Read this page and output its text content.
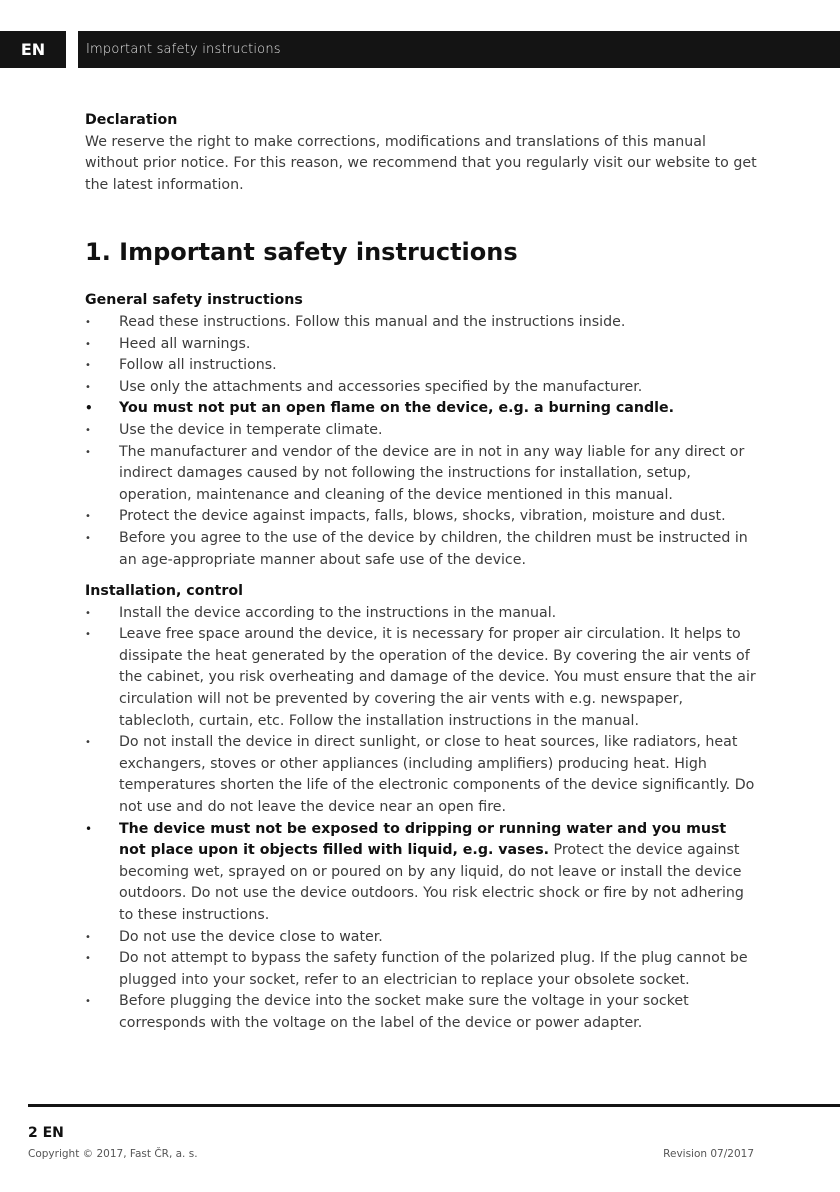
EN	Important safety instructions
Declaration

We reserve the right to make corrections, modifications and translations of this manual without prior notice. For this reason, we recommend that you regularly visit our website to get the latest information.

1. Important safety instructions
General safety instructions
• Read these instructions. Follow this manual and the instructions inside.
• Heed all warnings.
• Follow all instructions.
• Use only the attachments and accessories specified by the manufacturer.
• You must not put an open flame on the device, e.g. a burning candle.
• Use the device in temperate climate.
• The manufacturer and vendor of the device are in not in any way liable for any direct or indirect damages caused by not following the instructions for installation, setup, operation, maintenance and cleaning of the device mentioned in this manual.
• Protect the device against impacts, falls, blows, shocks, vibration, moisture and dust.
• Before you agree to the use of the device by children, the children must be instructed in an age-appropriate manner about safe use of the device.
Installation, control
• Install the device according to the instructions in the manual.
• Leave free space around the device, it is necessary for proper air circulation. It helps to dissipate the heat generated by the operation of the device. By covering the air vents of the cabinet, you risk overheating and damage of the device. You must ensure that the air circulation will not be prevented by covering the air vents with e.g. newspaper, tablecloth, curtain, etc. Follow the installation instructions in the manual.
• Do not install the device in direct sunlight, or close to heat sources, like radiators, heat exchangers, stoves or other appliances (including amplifiers) producing heat. High temperatures shorten the life of the electronic components of the device significantly. Do not use and do not leave the device near an open fire.
• The device must not be exposed to dripping or running water and you must not place upon it objects filled with liquid, e.g. vases. Protect the device against becoming wet, sprayed on or poured on by any liquid, do not leave or install the device outdoors. Do not use the device outdoors. You risk electric shock or fire by not adhering to these instructions.
• Do not use the device close to water.
• Do not attempt to bypass the safety function of the polarized plug. If the plug cannot be plugged into your socket, refer to an electrician to replace your obsolete socket.
• Before plugging the device into the socket make sure the voltage in your socket corresponds with the voltage on the label of the device or power adapter.
2 EN
Copyright © 2017, Fast ČR, a. s.	Revision 07/2017
